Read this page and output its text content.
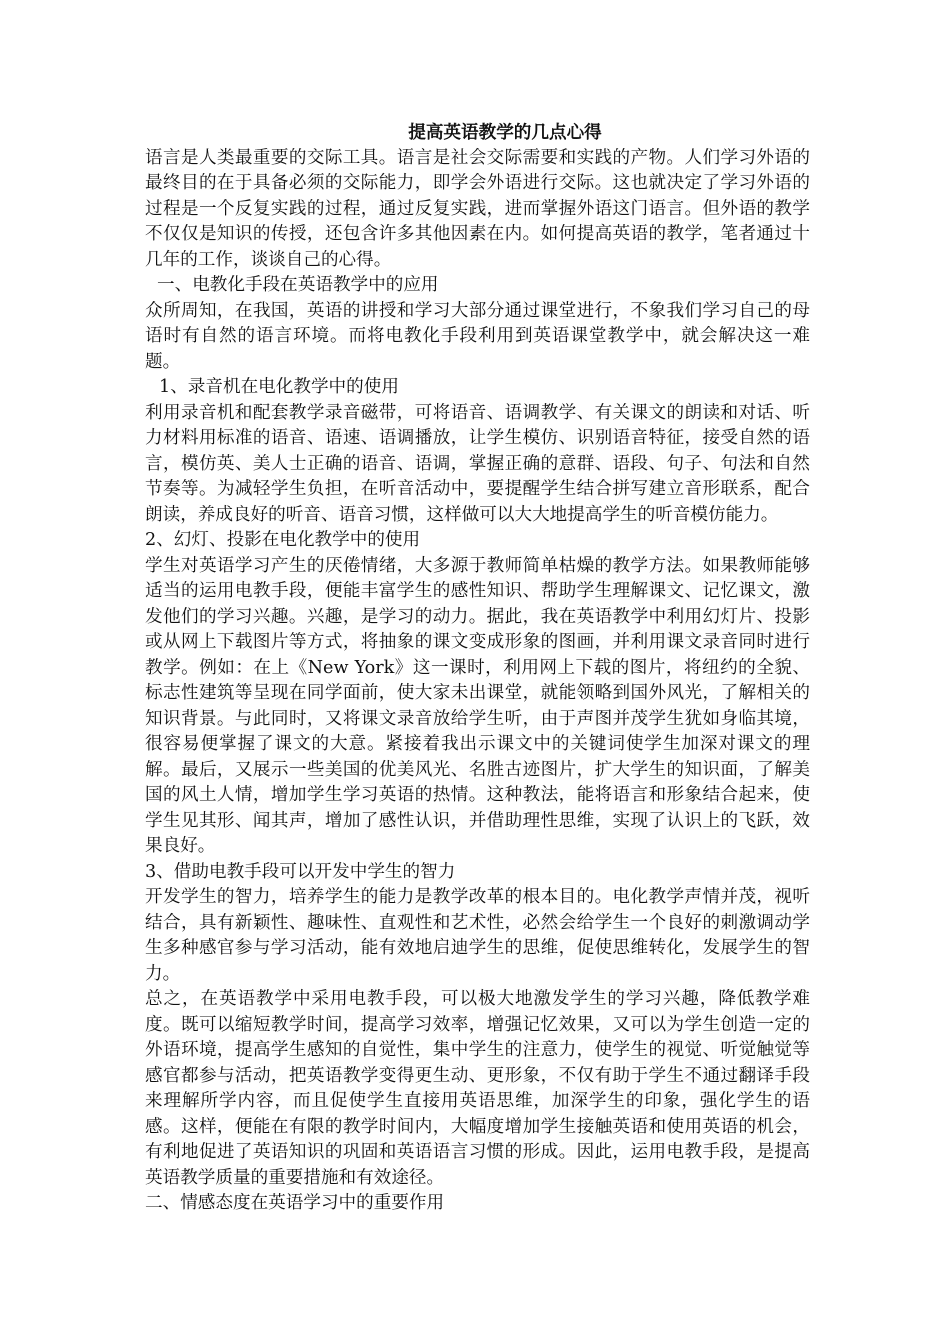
提高英语教学的几点心得

语言是人类最重要的交际工具。语言是社会交际需要和实践的产物。人们学习外语的最终目的在于具备必须的交际能力，即学会外语进行交际。这也就决定了学习外语的过程是一个反复实践的过程，通过反复实践，进而掌握外语这门语言。但外语的教学不仅仅是知识的传授，还包含许多其他因素在内。如何提高英语的教学，笔者通过十几年的工作，谈谈自己的心得。

一、电教化手段在英语教学中的应用

众所周知，在我国，英语的讲授和学习大部分通过课堂进行，不象我们学习自己的母语时有自然的语言环境。而将电教化手段利用到英语课堂教学中，就会解决这一难题。

1、录音机在电化教学中的使用

利用录音机和配套教学录音磁带，可将语音、语调教学、有关课文的朗读和对话、听力材料用标准的语音、语速、语调播放，让学生模仿、识别语音特征，接受自然的语言，模仿英、美人士正确的语音、语调，掌握正确的意群、语段、句子、句法和自然节奏等。为减轻学生负担，在听音活动中，要提醒学生结合拼写建立音形联系，配合朗读，养成良好的听音、语音习惯，这样做可以大大地提高学生的听音模仿能力。

2、幻灯、投影在电化教学中的使用

学生对英语学习产生的厌倦情绪，大多源于教师简单枯燥的教学方法。如果教师能够适当的运用电教手段，便能丰富学生的感性知识、帮助学生理解课文、记忆课文，激发他们的学习兴趣。兴趣，是学习的动力。据此，我在英语教学中利用幻灯片、投影或从网上下载图片等方式，将抽象的课文变成形象的图画，并利用课文录音同时进行教学。例如：在上《New York》这一课时，利用网上下载的图片，将纽约的全貌、标志性建筑等呈现在同学面前，使大家未出课堂，就能领略到国外风光，了解相关的知识背景。与此同时，又将课文录音放给学生听，由于声图并茂学生犹如身临其境，很容易便掌握了课文的大意。紧接着我出示课文中的关键词使学生加深对课文的理解。最后，又展示一些美国的优美风光、名胜古迹图片，扩大学生的知识面，了解美国的风土人情，增加学生学习英语的热情。这种教法，能将语言和形象结合起来，使学生见其形、闻其声，增加了感性认识，并借助理性思维，实现了认识上的飞跃，效果良好。

3、借助电教手段可以开发中学生的智力

开发学生的智力，培养学生的能力是教学改革的根本目的。电化教学声情并茂，视听结合，具有新颖性、趣味性、直观性和艺术性，必然会给学生一个良好的刺激调动学生多种感官参与学习活动，能有效地启迪学生的思维，促使思维转化，发展学生的智力。

总之，在英语教学中采用电教手段，可以极大地激发学生的学习兴趣，降低教学难度。既可以缩短教学时间，提高学习效率，增强记忆效果，又可以为学生创造一定的外语环境，提高学生感知的自觉性，集中学生的注意力，使学生的视觉、听觉触觉等感官都参与活动，把英语教学变得更生动、更形象，不仅有助于学生不通过翻译手段来理解所学内容，而且促使学生直接用英语思维，加深学生的印象，强化学生的语感。这样，便能在有限的教学时间内，大幅度增加学生接触英语和使用英语的机会，有利地促进了英语知识的巩固和英语语言习惯的形成。因此，运用电教手段，是提高英语教学质量的重要措施和有效途径。

二、情感态度在英语学习中的重要作用
